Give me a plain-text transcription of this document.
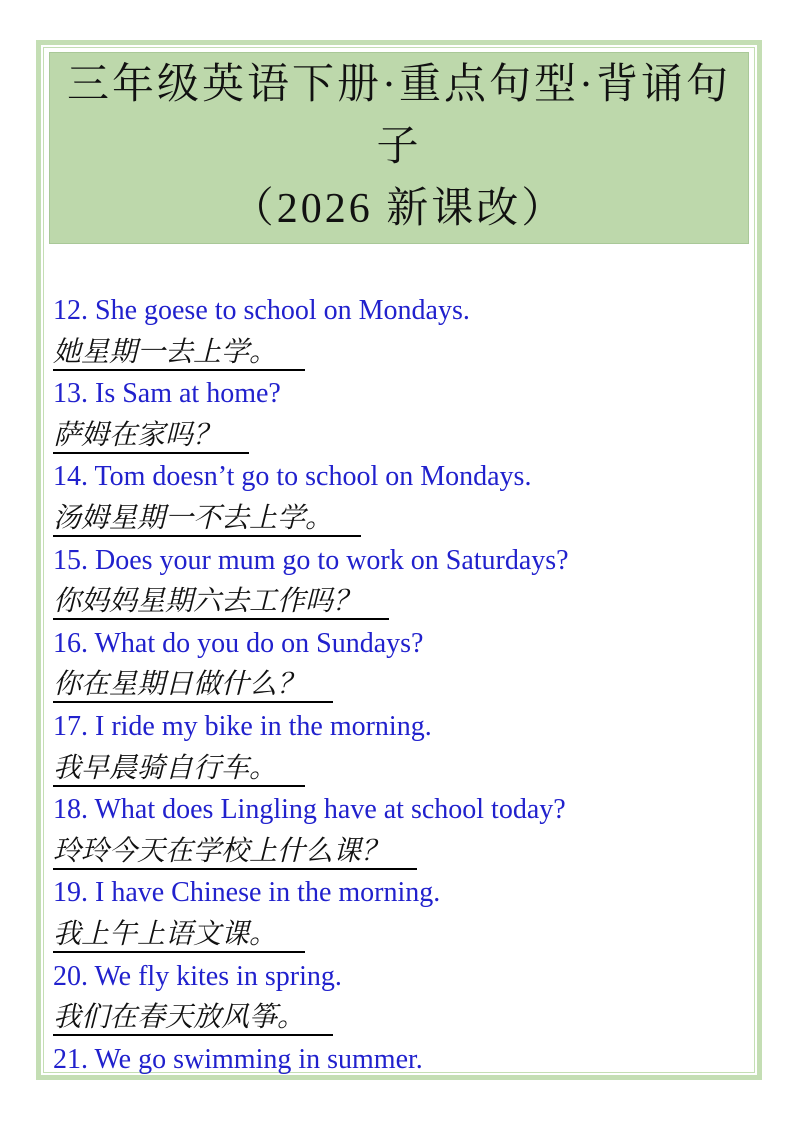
三年级英语下册·重点句型·背诵句子
（2026 新课改）
12. She goese to school on Mondays.
她星期一去上学。
13. Is Sam at home?
萨姆在家吗？
14. Tom doesn’t go to school on Mondays.
汤姆星期一不去上学。
15. Does your mum go to work on Saturdays?
你妈妈星期六去工作吗？
16. What do you do on Sundays?
你在星期日做什么？
17. I ride my bike in the morning.
我早晨骑自行车。
18. What does Lingling have at school today?
玲玲今天在学校上什么课？
19. I have Chinese in the morning.
我上午上语文课。
20. We fly kites in spring.
我们在春天放风筝。
21. We go swimming in summer.
